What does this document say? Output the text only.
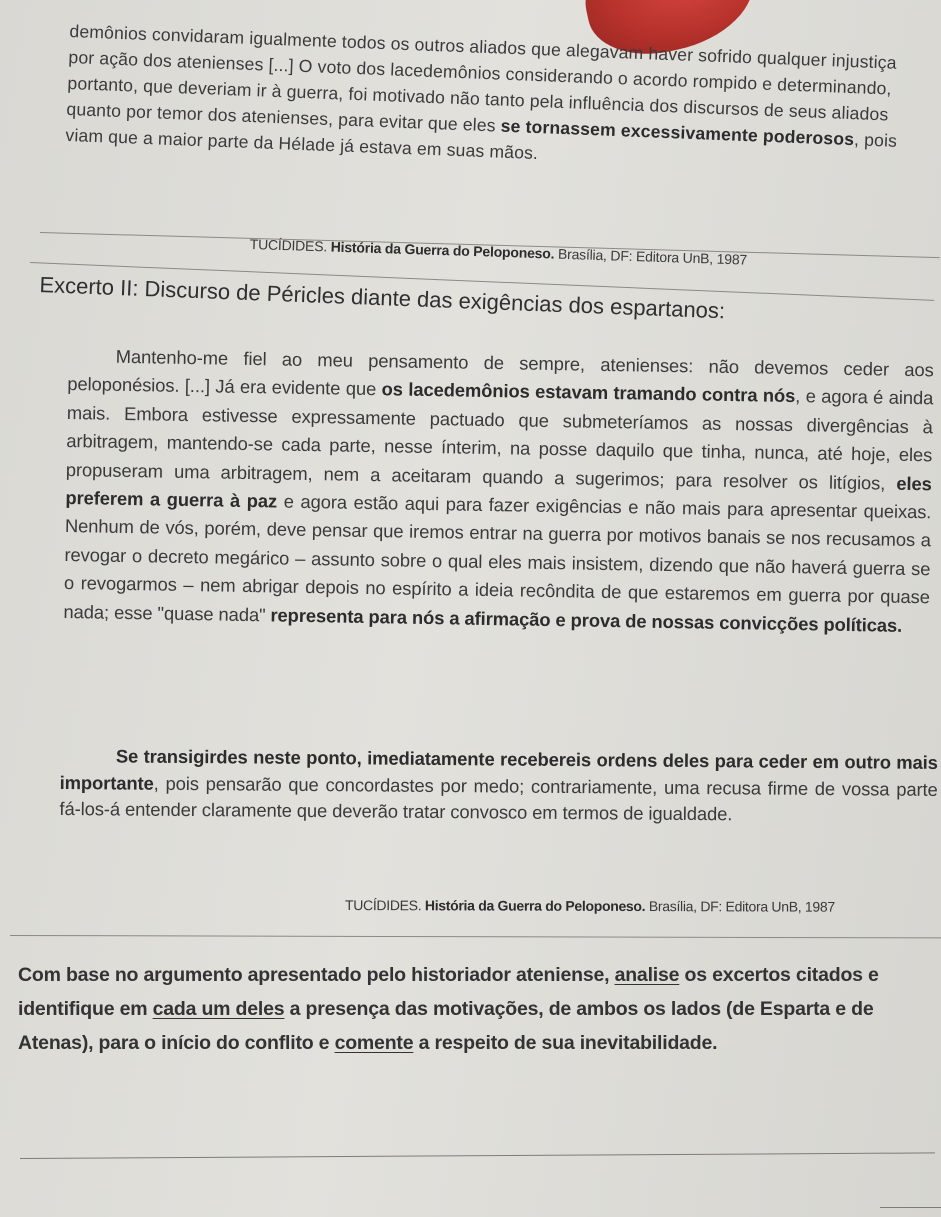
demônios convidaram igualmente todos os outros aliados que alegavam haver sofrido qualquer injustiça por ação dos atenienses [...] O voto dos lacedemônios considerando o acordo rompido e determinando, portanto, que deveriam ir à guerra, foi motivado não tanto pela influência dos discursos de seus aliados quanto por temor dos atenienses, para evitar que eles se tornassem excessivamente poderosos, pois viam que a maior parte da Hélade já estava em suas mãos.

TUCÍDIDES. História da Guerra do Peloponeso. Brasília, DF: Editora UnB, 1987
Excerto II: Discurso de Péricles diante das exigências dos espartanos:

Mantenho-me fiel ao meu pensamento de sempre, atenienses: não devemos ceder aos peloponésios. [...] Já era evidente que os lacedemônios estavam tramando contra nós, e agora é ainda mais. Embora estivesse expressamente pactuado que submeteríamos as nossas divergências à arbitragem, mantendo-se cada parte, nesse ínterim, na posse daquilo que tinha, nunca, até hoje, eles propuseram uma arbitragem, nem a aceitaram quando a sugerimos; para resolver os litígios, eles preferem a guerra à paz e agora estão aqui para fazer exigências e não mais para apresentar queixas. Nenhum de vós, porém, deve pensar que iremos entrar na guerra por motivos banais se nos recusamos a revogar o decreto megárico – assunto sobre o qual eles mais insistem, dizendo que não haverá guerra se o revogarmos – nem abrigar depois no espírito a ideia recôndita de que estaremos em guerra por quase nada; esse "quase nada" representa para nós a afirmação e prova de nossas convicções políticas.

Se transigirdes neste ponto, imediatamente recebereis ordens deles para ceder em outro mais importante, pois pensarão que concordastes por medo; contrariamente, uma recusa firme de vossa parte fá-los-á entender claramente que deverão tratar convosco em termos de igualdade.

TUCÍDIDES. História da Guerra do Peloponeso. Brasília, DF: Editora UnB, 1987

Com base no argumento apresentado pelo historiador ateniense, analise os excertos citados e identifique em cada um deles a presença das motivações, de ambos os lados (de Esparta e de Atenas), para o início do conflito e comente a respeito de sua inevitabilidade.
